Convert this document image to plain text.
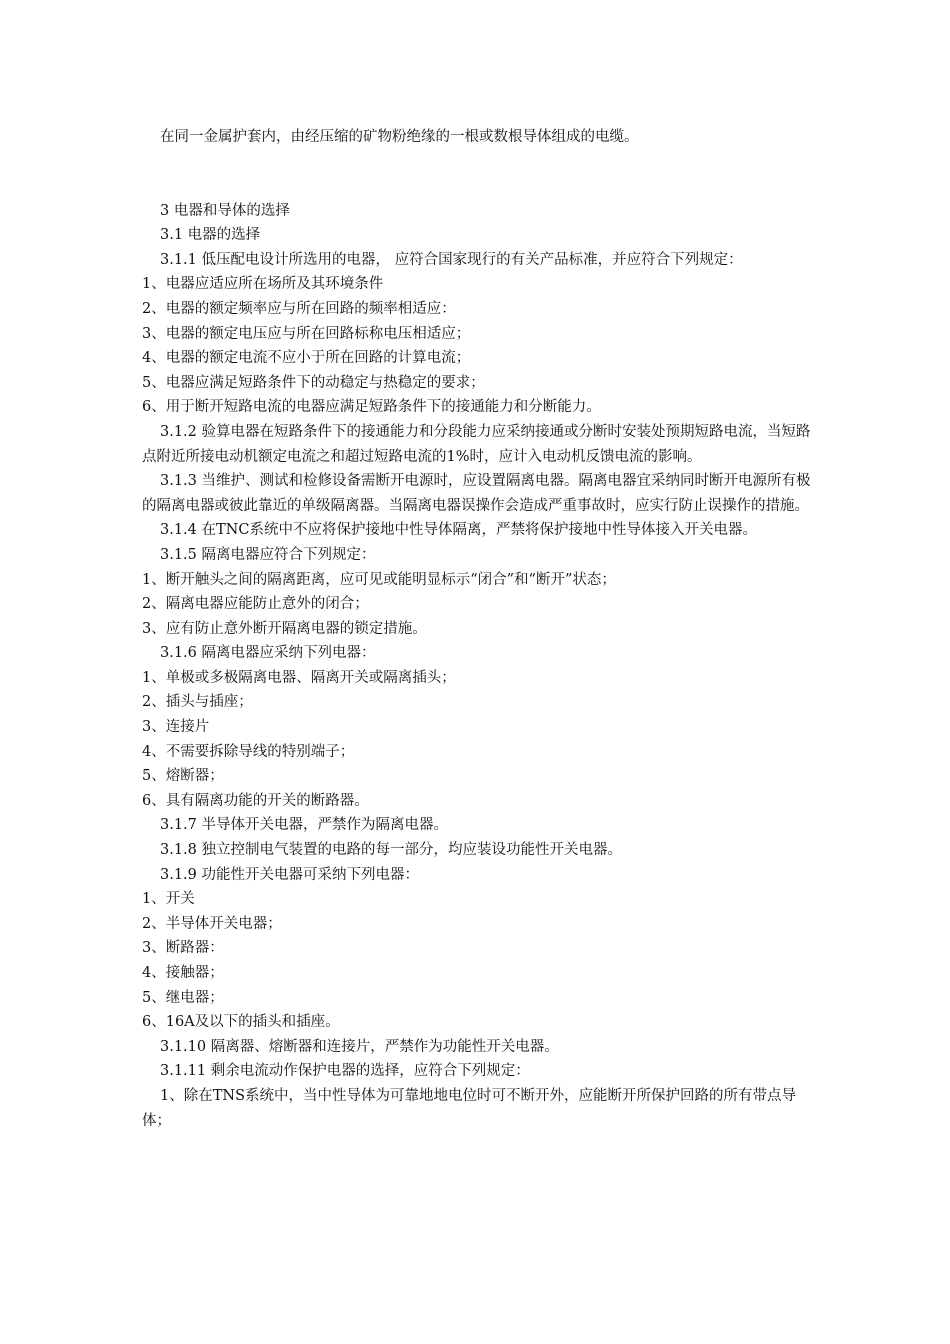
在同一金属护套内，由经压缩的矿物粉绝缘的一根或数根导体组成的电缆。

3 电器和导体的选择

3.1 电器的选择

3.1.1 低压配电设计所选用的电器， 应符合国家现行的有关产品标准，并应符合下列规定：

1、电器应适应所在场所及其环境条件

2、电器的额定频率应与所在回路的频率相适应：

3、电器的额定电压应与所在回路标称电压相适应；

4、电器的额定电流不应小于所在回路的计算电流；

5、电器应满足短路条件下的动稳定与热稳定的要求；

6、用于断开短路电流的电器应满足短路条件下的接通能力和分断能力。

3.1.2 验算电器在短路条件下的接通能力和分段能力应采纳接通或分断时安装处预期短路电流，当短路点附近所接电动机额定电流之和超过短路电流的1%时，应计入电动机反馈电流的影响。

3.1.3 当维护、测试和检修设备需断开电源时，应设置隔离电器。隔离电器宜采纳同时断开电源所有极的隔离电器或彼此靠近的单级隔离器。当隔离电器误操作会造成严重事故时，应实行防止误操作的措施。

3.1.4 在TNC系统中不应将保护接地中性导体隔离，严禁将保护接地中性导体接入开关电器。

3.1.5 隔离电器应符合下列规定：

1、断开触头之间的隔离距离，应可见或能明显标示“闭合”和“断开”状态；

2、隔离电器应能防止意外的闭合；

3、应有防止意外断开隔离电器的锁定措施。

3.1.6 隔离电器应采纳下列电器：

1、单极或多极隔离电器、隔离开关或隔离插头；

2、插头与插座；

3、连接片

4、不需要拆除导线的特别端子；

5、熔断器；

6、具有隔离功能的开关的断路器。

3.1.7 半导体开关电器，严禁作为隔离电器。

3.1.8 独立控制电气装置的电路的每一部分，均应装设功能性开关电器。

3.1.9 功能性开关电器可采纳下列电器：

1、开关

2、半导体开关电器；

3、断路器：

4、接触器；

5、继电器；

6、16A及以下的插头和插座。

3.1.10 隔离器、熔断器和连接片，严禁作为功能性开关电器。

3.1.11 剩余电流动作保护电器的选择，应符合下列规定：

1、除在TNS系统中，当中性导体为可靠地地电位时可不断开外，应能断开所保护回路的所有带点导体；
